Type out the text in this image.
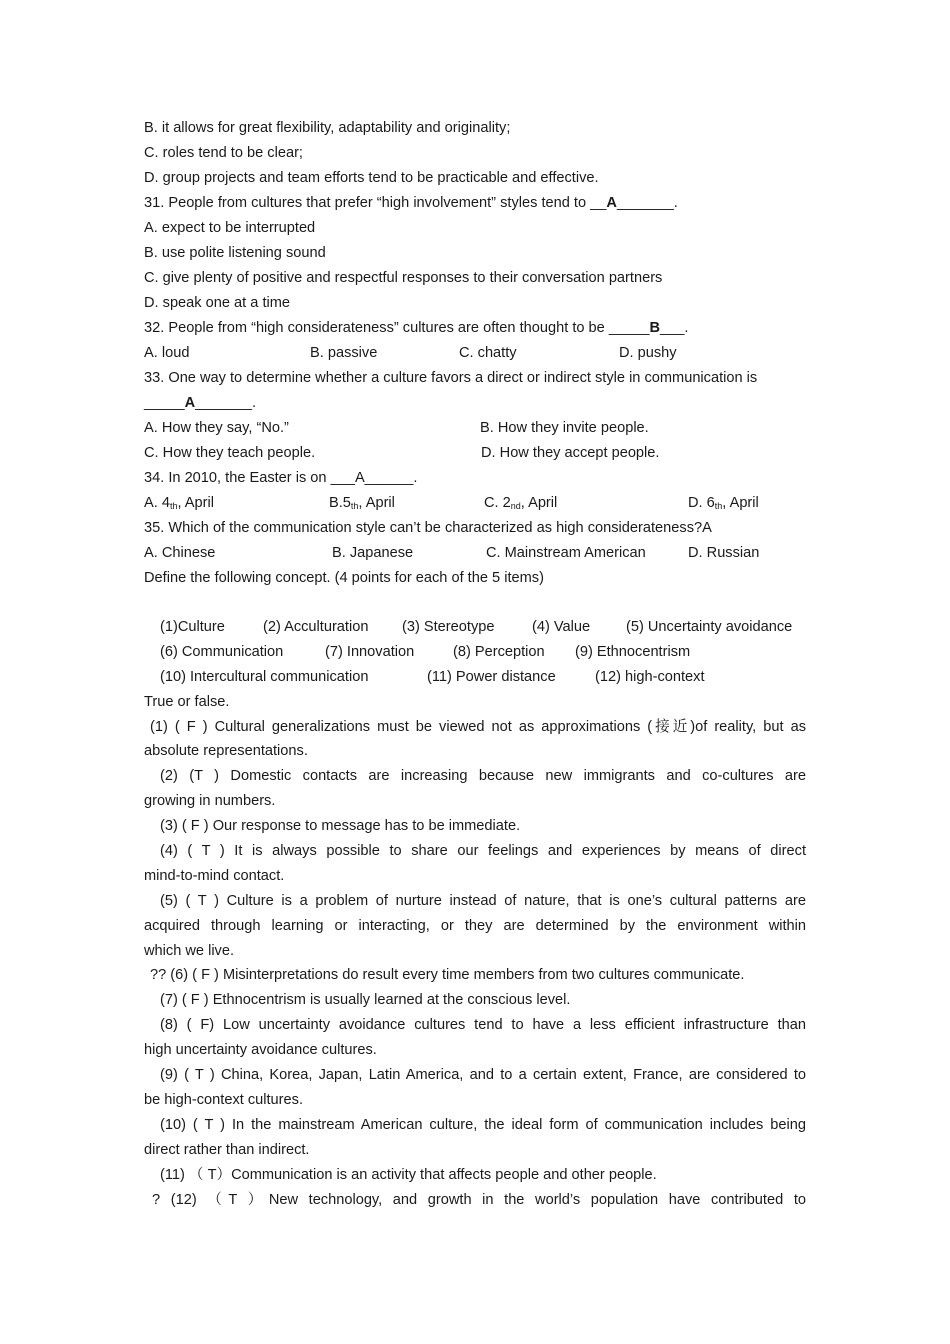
B. it allows for great flexibility, adaptability and originality;
C. roles tend to be clear;
D. group projects and team efforts tend to be practicable and effective.
31. People from cultures that prefer “high involvement” styles tend to __A_______.
A. expect to be interrupted
B. use polite listening sound
C. give plenty of positive and respectful responses to their conversation partners
D. speak one at a time
32. People from “high considerateness” cultures are often thought to be _____B___.
A. loud	B. passive	C. chatty	D. pushy
33. One way to determine whether a culture favors a direct or indirect style in communication is
_____A_______.
A. How they say, “No.”	B. How they invite people.
C. How they teach people.	D. How they accept people.
34. In 2010, the Easter is on ___A______.
A. $4_{th}$, April	$B.5_{th}$, April	C. $2_{nd}$, April	D. $6_{th}$, April
35. Which of the communication style can’t be characterized as high considerateness?A
A. Chinese	B. Japanese	C. Mainstream American	D. Russian
Define the following concept. (4 points for each of the 5 items)
(1)Culture	(2) Acculturation (3) Stereotype	(4) Value (5) Uncertainty avoidance
(6) Communication	(7) Innovation	(8) Perception (9) Ethnocentrism
(10) Intercultural communication	(11) Power distance	(12) high-context
True or false.
(1) ( F ) Cultural generalizations must be viewed not as approximations (接近)of reality, but as
absolute representations.
(2) (T ) Domestic contacts are increasing because new immigrants and co-cultures are
growing in numbers.
(3) ( F ) Our response to message has to be immediate.
(4) ( T ) It is always possible to share our feelings and experiences by means of direct
mind-to-mind contact.
(5) ( T ) Culture is a problem of nurture instead of nature, that is one’s cultural patterns are
acquired through learning or interacting, or they are determined by the environment within
which we live.
?? (6) ( F ) Misinterpretations do result every time members from two cultures communicate.
(7) ( F ) Ethnocentrism is usually learned at the conscious level.
(8) ( F) Low uncertainty avoidance cultures tend to have a less efficient infrastructure than
high uncertainty avoidance cultures.
(9) ( T ) China, Korea, Japan, Latin America, and to a certain extent, France, are considered to
be high-context cultures.
(10) ( T ) In the mainstream American culture, the ideal form of communication includes being
direct rather than indirect.
(11) （ T）Communication is an activity that affects people and other people.
? (12) （T ）New technology, and growth in the world’s population have contributed to
